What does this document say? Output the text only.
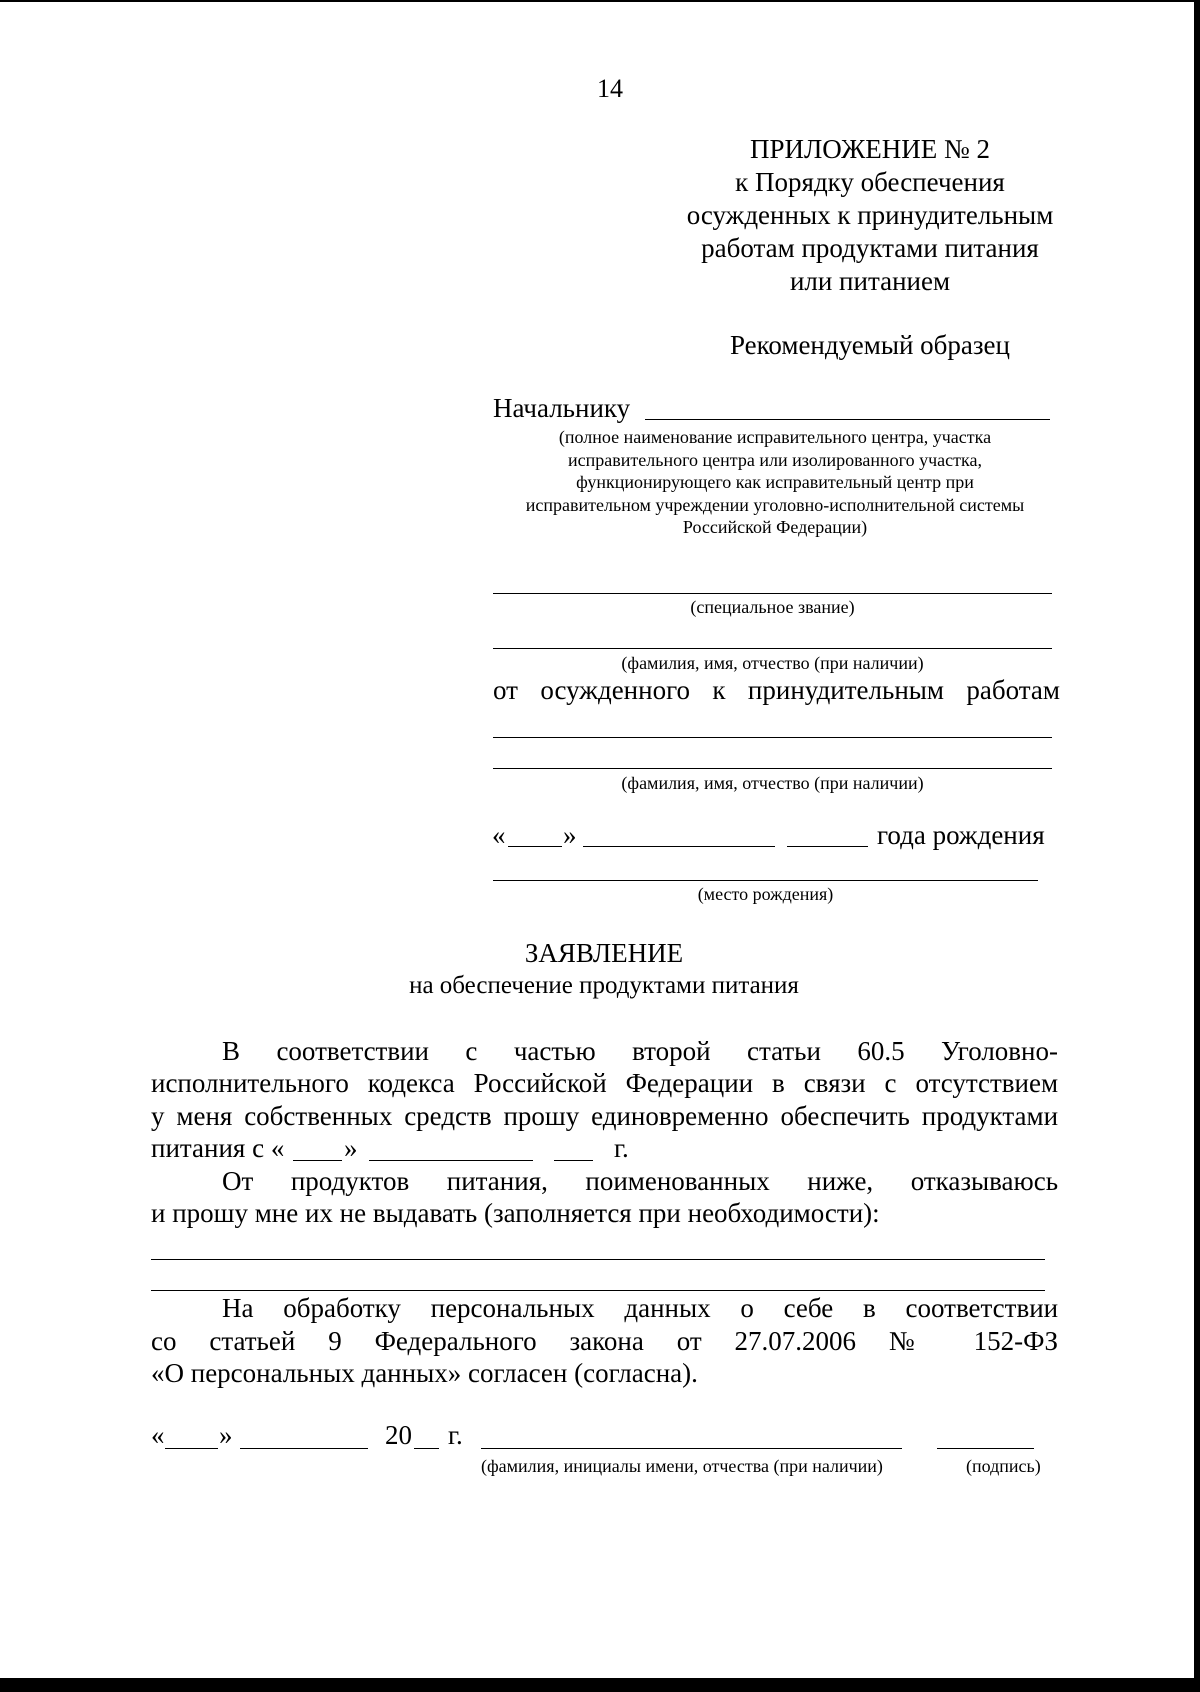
14
ПРИЛОЖЕНИЕ № 2
к Порядку обеспечения
осужденных к принудительным
работам продуктами питания
или питанием
Рекомендуемый образец
Начальнику
(полное наименование исправительного центра, участка
исправительного центра или изолированного участка,
функционирующего как исправительный центр при
исправительном учреждении уголовно-исполнительной системы
Российской Федерации)
(специальное звание)
(фамилия, имя, отчество (при наличии)
от осужденного к принудительным работам
(фамилия, имя, отчество (при наличии)
« »	года рождения
(место рождения)
ЗАЯВЛЕНИЕ
на обеспечение продуктами питания
В соответствии с частью второй статьи 60.5 Уголовно-
исполнительного кодекса Российской Федерации в связи с отсутствием
у меня собственных средств прошу единовременно обеспечить продуктами
питания с « »	г.
От продуктов питания, поименованных ниже, отказываюсь
и прошу мне их не выдавать (заполняется при необходимости):
На обработку персональных данных о себе в соответствии
со статьей 9 Федерального закона от 27.07.2006 № 152-ФЗ
«О персональных данных» согласен (согласна).
« »	20 г.
(фамилия, инициалы имени, отчества (при наличии)	(подпись)
